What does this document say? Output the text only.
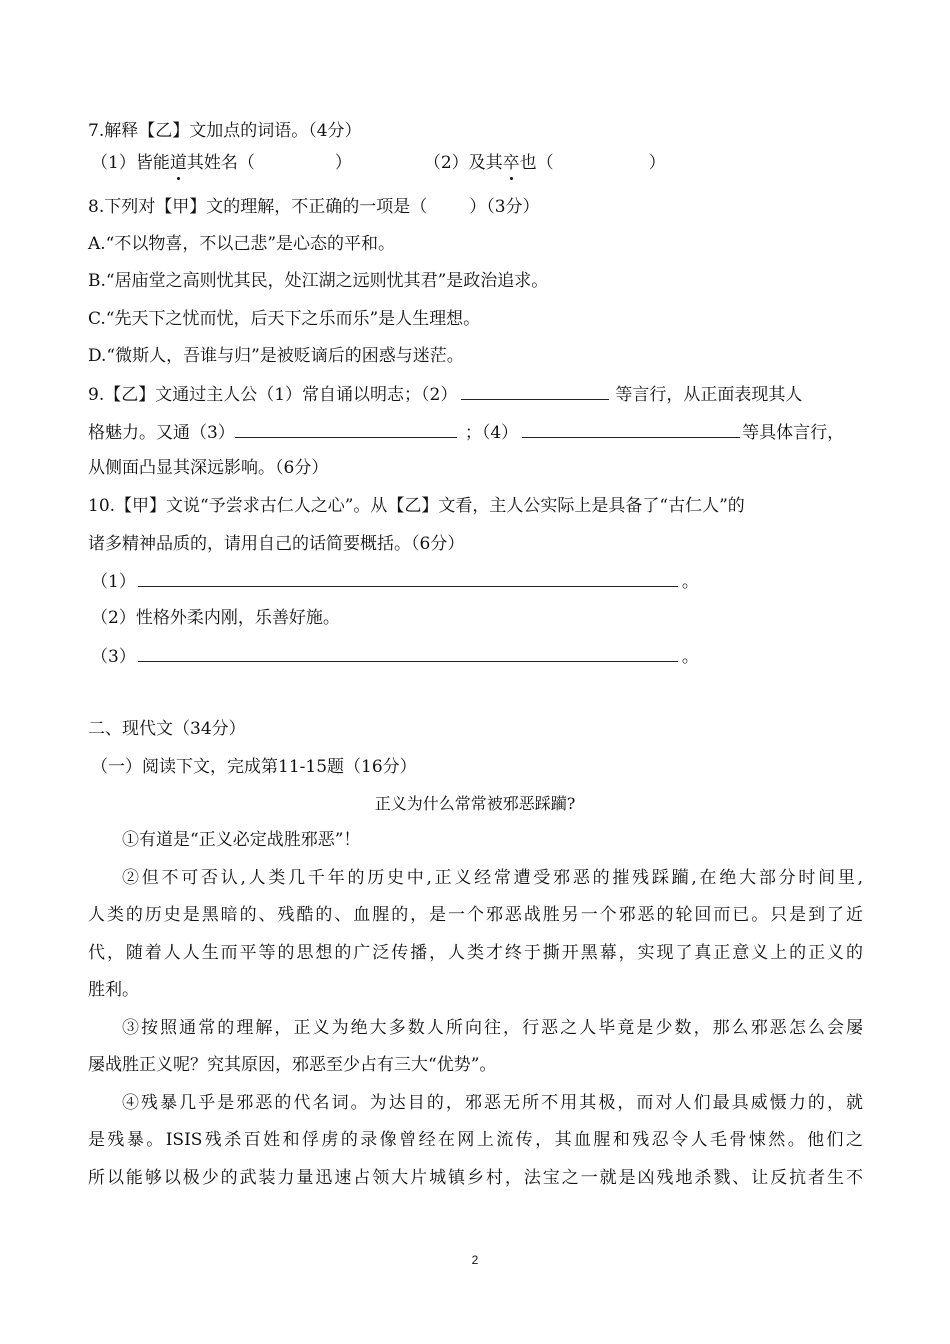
7.解释【乙】文加点的词语。（4分）
（1）皆能道其姓名（	）	（2）及其卒也（	）
8.下列对【甲】文的理解，不正确的一项是（ ）（3分）
A.“不以物喜，不以己悲”是心态的平和。
B.“居庙堂之高则忧其民，处江湖之远则忧其君”是政治追求。
C.“先天下之忧而忧，后天下之乐而乐”是人生理想。
D.“微斯人，吾谁与归”是被贬谪后的困惑与迷茫。
9.【乙】文通过主人公（1）常自诵以明志；（2）	等言行，从正面表现其人
格魅力。又通（3）	；（4）	等具体言行，
从侧面凸显其深远影响。（6分）
10.【甲】文说“予尝求古仁人之心”。从【乙】文看，主人公实际上是具备了“古仁人”的
诸多精神品质的，请用自己的话简要概括。（6分）
（1）	。
（2）性格外柔内刚，乐善好施。
（3）	。
二、现代文（34分）
（一）阅读下文，完成第11-15题（16分）
正义为什么常常被邪恶踩躏?
①有道是“正义必定战胜邪恶”！
②但不可否认,人类几千年的历史中,正义经常遭受邪恶的摧残踩躏,在绝大部分时间里,
人类的历史是黑暗的、残酷的、血腥的，是一个邪恶战胜另一个邪恶的轮回而已。只是到了近
代，随着人人生而平等的思想的广泛传播，人类才终于撕开黑幕，实现了真正意义上的正义的
胜利。
③按照通常的理解，正义为绝大多数人所向往，行恶之人毕竟是少数，那么邪恶怎么会屡
屡战胜正义呢？究其原因，邪恶至少占有三大“优势”。
④残暴几乎是邪恶的代名词。为达目的，邪恶无所不用其极，而对人们最具威慑力的，就
是残暴。ISIS残杀百姓和俘虏的录像曾经在网上流传，其血腥和残忍令人毛骨悚然。他们之
所以能够以极少的武装力量迅速占领大片城镇乡村，法宝之一就是凶残地杀戮、让反抗者生不
2
